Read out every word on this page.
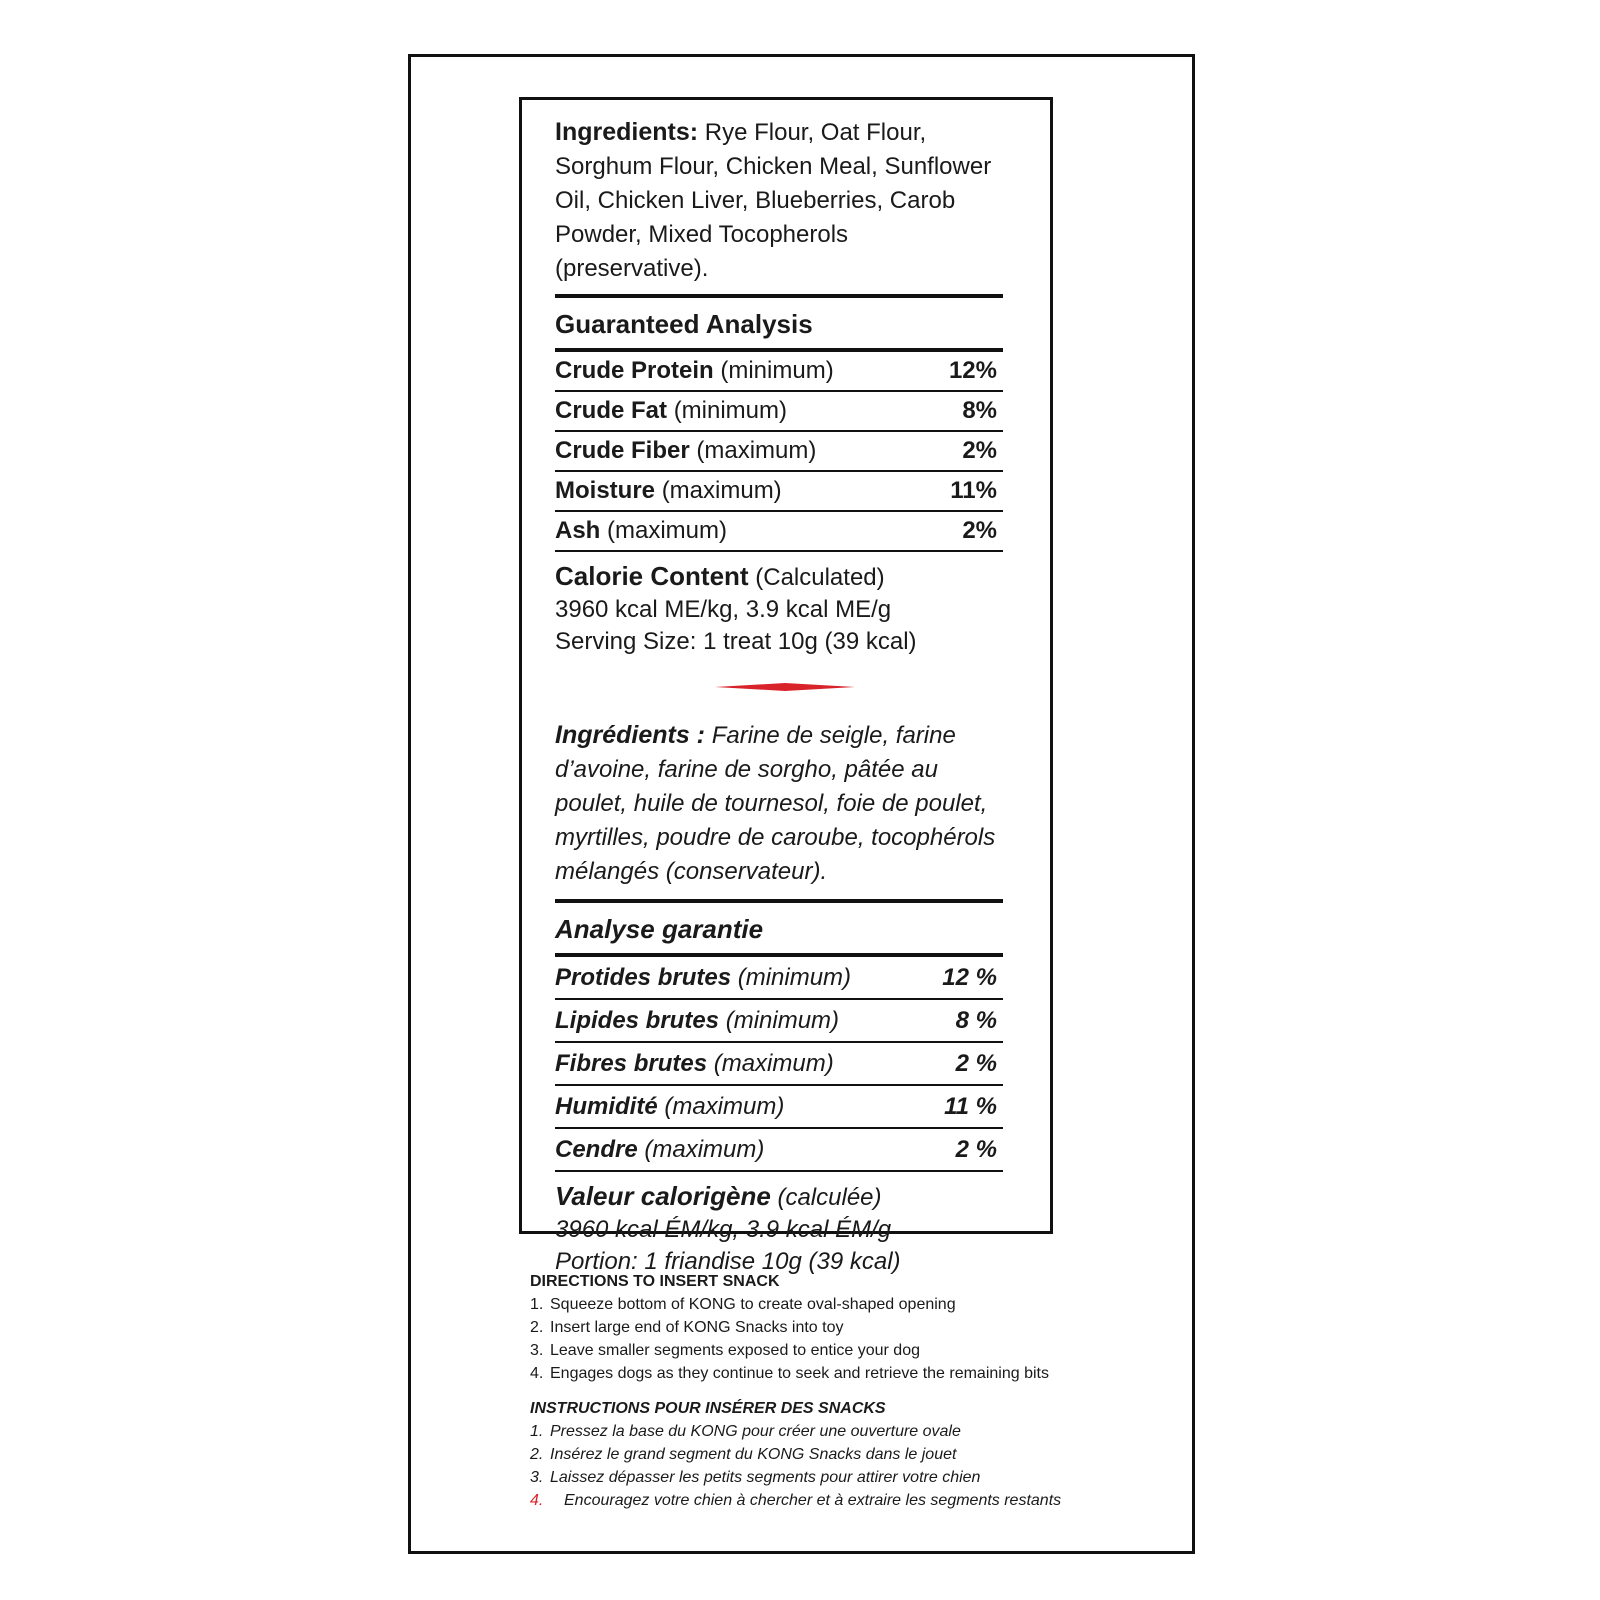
Ingredients: Rye Flour, Oat Flour, Sorghum Flour, Chicken Meal, Sunflower Oil, Chicken Liver, Blueberries, Carob Powder, Mixed Tocopherols (preservative).

Guaranteed Analysis
Crude Protein (minimum)	12%
Crude Fat (minimum)	8%
Crude Fiber (maximum)	2%
Moisture (maximum)	11%
Ash (maximum)	2%
Calorie Content (Calculated)
3960 kcal ME/kg, 3.9 kcal ME/g
Serving Size: 1 treat 10g (39 kcal)

Ingrédients : Farine de seigle, farine d’avoine, farine de sorgho, pâtée au poulet, huile de tournesol, foie de poulet, myrtilles, poudre de caroube, tocophérols mélangés (conservateur).

Analyse garantie
Protides brutes (minimum)	12 %
Lipides brutes (minimum)	8 %
Fibres brutes (maximum)	2 %
Humidité (maximum)	11 %
Cendre (maximum)	2 %
Valeur calorigène (calculée)
3960 kcal ÉM/kg, 3.9 kcal ÉM/g
Portion: 1 friandise 10g (39 kcal)
DIRECTIONS TO INSERT SNACK
1. Squeeze bottom of KONG to create oval-shaped opening
2. Insert large end of KONG Snacks into toy
3. Leave smaller segments exposed to entice your dog
4. Engages dogs as they continue to seek and retrieve the remaining bits
INSTRUCTIONS POUR INSÉRER DES SNACKS
1. Pressez la base du KONG pour créer une ouverture ovale
2. Insérez le grand segment du KONG Snacks dans le jouet
3. Laissez dépasser les petits segments pour attirer votre chien
4. Encouragez votre chien à chercher et à extraire les segments restants
